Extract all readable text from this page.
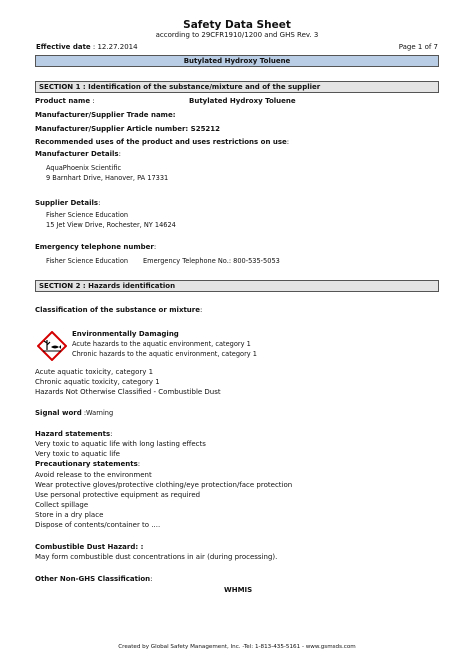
Safety Data Sheet
according to 29CFR1910/1200 and GHS Rev. 3
Effective date : 12.27.2014	Page 1 of 7
Butylated Hydroxy Toluene
SECTION 1 : Identification of the substance/mixture and of the supplier
Product name :	Butylated Hydroxy Toluene
Manufacturer/Supplier Trade name:
Manufacturer/Supplier Article number: S25212
Recommended uses of the product and uses restrictions on use:
Manufacturer Details:
AquaPhoenix Scientific
9 Barnhart Drive, Hanover, PA 17331
Supplier Details:
Fisher Science Education
15 Jet View Drive, Rochester, NY 14624
Emergency telephone number:
Fisher Science Education Emergency Telephone No.: 800-535-5053
SECTION 2 : Hazards identification
Classification of the substance or mixture:
Environmentally Damaging
Acute hazards to the aquatic environment, category 1
Chronic hazards to the aquatic environment, category 1
Acute aquatic toxicity, category 1
Chronic aquatic toxicity, category 1
Hazards Not Otherwise Classified - Combustible Dust
Signal word :Warning
Hazard statements:
Very toxic to aquatic life with long lasting effects
Very toxic to aquatic life
Precautionary statements:
Avoid release to the environment
Wear protective gloves/protective clothing/eye protection/face protection
Use personal protective equipment as required
Collect spillage
Store in a dry place
Dispose of contents/container to ....
Combustible Dust Hazard: :
May form combustible dust concentrations in air (during processing).
Other Non-GHS Classification:
WHMIS
Created by Global Safety Management, Inc. -Tel: 1-813-435-5161 - www.gsmsds.com
